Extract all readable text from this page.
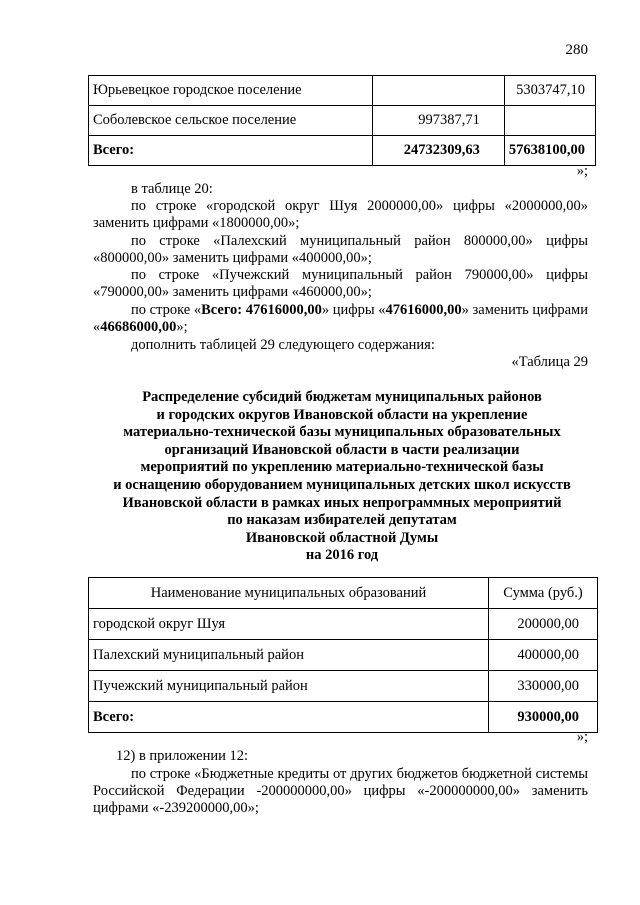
280
Юрьевецкое городское поселение		5303747,10
Соболевское сельское поселение	997387,71	
Всего:	24732309,63	57638100,00
»;
в таблице 20:
по строке «городской округ Шуя 2000000,00» цифры «2000000,00» заменить цифрами «1800000,00»;
по строке «Палехский муниципальный район 800000,00» цифры «800000,00» заменить цифрами «400000,00»;
по строке «Пучежский муниципальный район 790000,00» цифры «790000,00» заменить цифрами «460000,00»;
по строке «Всего: 47616000,00» цифры «47616000,00» заменить цифрами «46686000,00»;
дополнить таблицей 29 следующего содержания:
«Таблица 29
Распределение субсидий бюджетам муниципальных районов
и городских округов Ивановской области на укрепление
материально-технической базы муниципальных образовательных
организаций Ивановской области в части реализации
мероприятий по укреплению материально-технической базы
и оснащению оборудованием муниципальных детских школ искусств
Ивановской области в рамках иных непрограммных мероприятий
по наказам избирателей депутатам
Ивановской областной Думы
на 2016 год
Наименование муниципальных образований	Сумма (руб.)
городской округ Шуя	200000,00
Палехский муниципальный район	400000,00
Пучежский муниципальный район	330000,00
Всего:	930000,00
»;
12) в приложении 12:
по строке «Бюджетные кредиты от других бюджетов бюджетной системы Российской Федерации -200000000,00» цифры «-200000000,00» заменить цифрами «-239200000,00»;
